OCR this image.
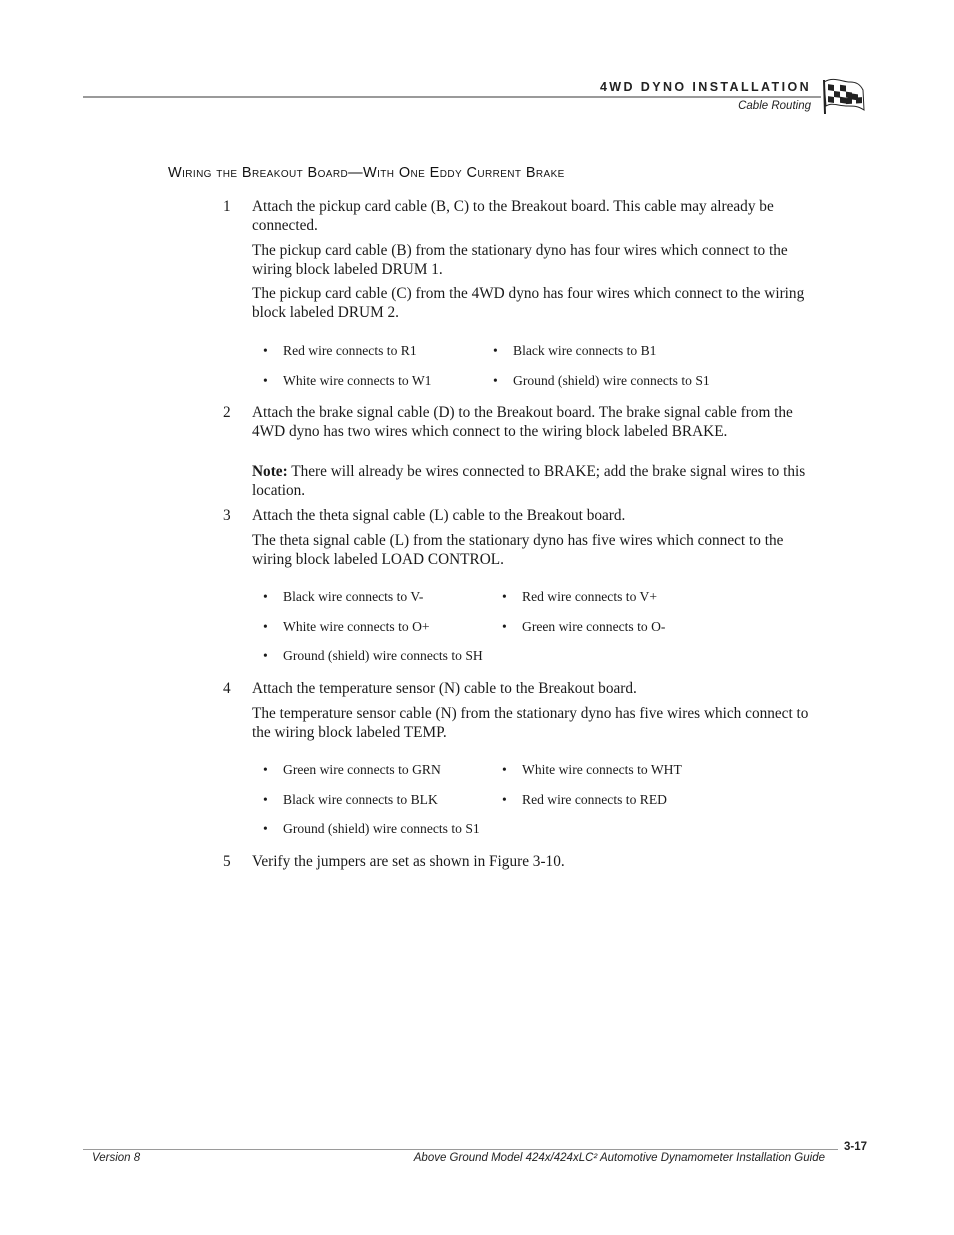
4WD DYNO INSTALLATION
Cable Routing
Wiring the Breakout Board—With One Eddy Current Brake
1 Attach the pickup card cable (B, C) to the Breakout board. This cable may already be connected.
The pickup card cable (B) from the stationary dyno has four wires which connect to the wiring block labeled DRUM 1.
The pickup card cable (C) from the 4WD dyno has four wires which connect to the wiring block labeled DRUM 2.
• Red wire connects to R1	• Black wire connects to B1
• White wire connects to W1	• Ground (shield) wire connects to S1
2 Attach the brake signal cable (D) to the Breakout board. The brake signal cable from the 4WD dyno has two wires which connect to the wiring block labeled BRAKE.
Note: There will already be wires connected to BRAKE; add the brake signal wires to this location.
3 Attach the theta signal cable (L) cable to the Breakout board.
The theta signal cable (L) from the stationary dyno has five wires which connect to the wiring block labeled LOAD CONTROL.
• Black wire connects to V-	• Red wire connects to V+
• White wire connects to O+	• Green wire connects to O-
• Ground (shield) wire connects to SH
4 Attach the temperature sensor (N) cable to the Breakout board.
The temperature sensor cable (N) from the stationary dyno has five wires which connect to the wiring block labeled TEMP.
• Green wire connects to GRN	• White wire connects to WHT
• Black wire connects to BLK	• Red wire connects to RED
• Ground (shield) wire connects to S1
5 Verify the jumpers are set as shown in Figure 3-10.
3-17
Version 8	Above Ground Model 424x/424xLC² Automotive Dynamometer Installation Guide
